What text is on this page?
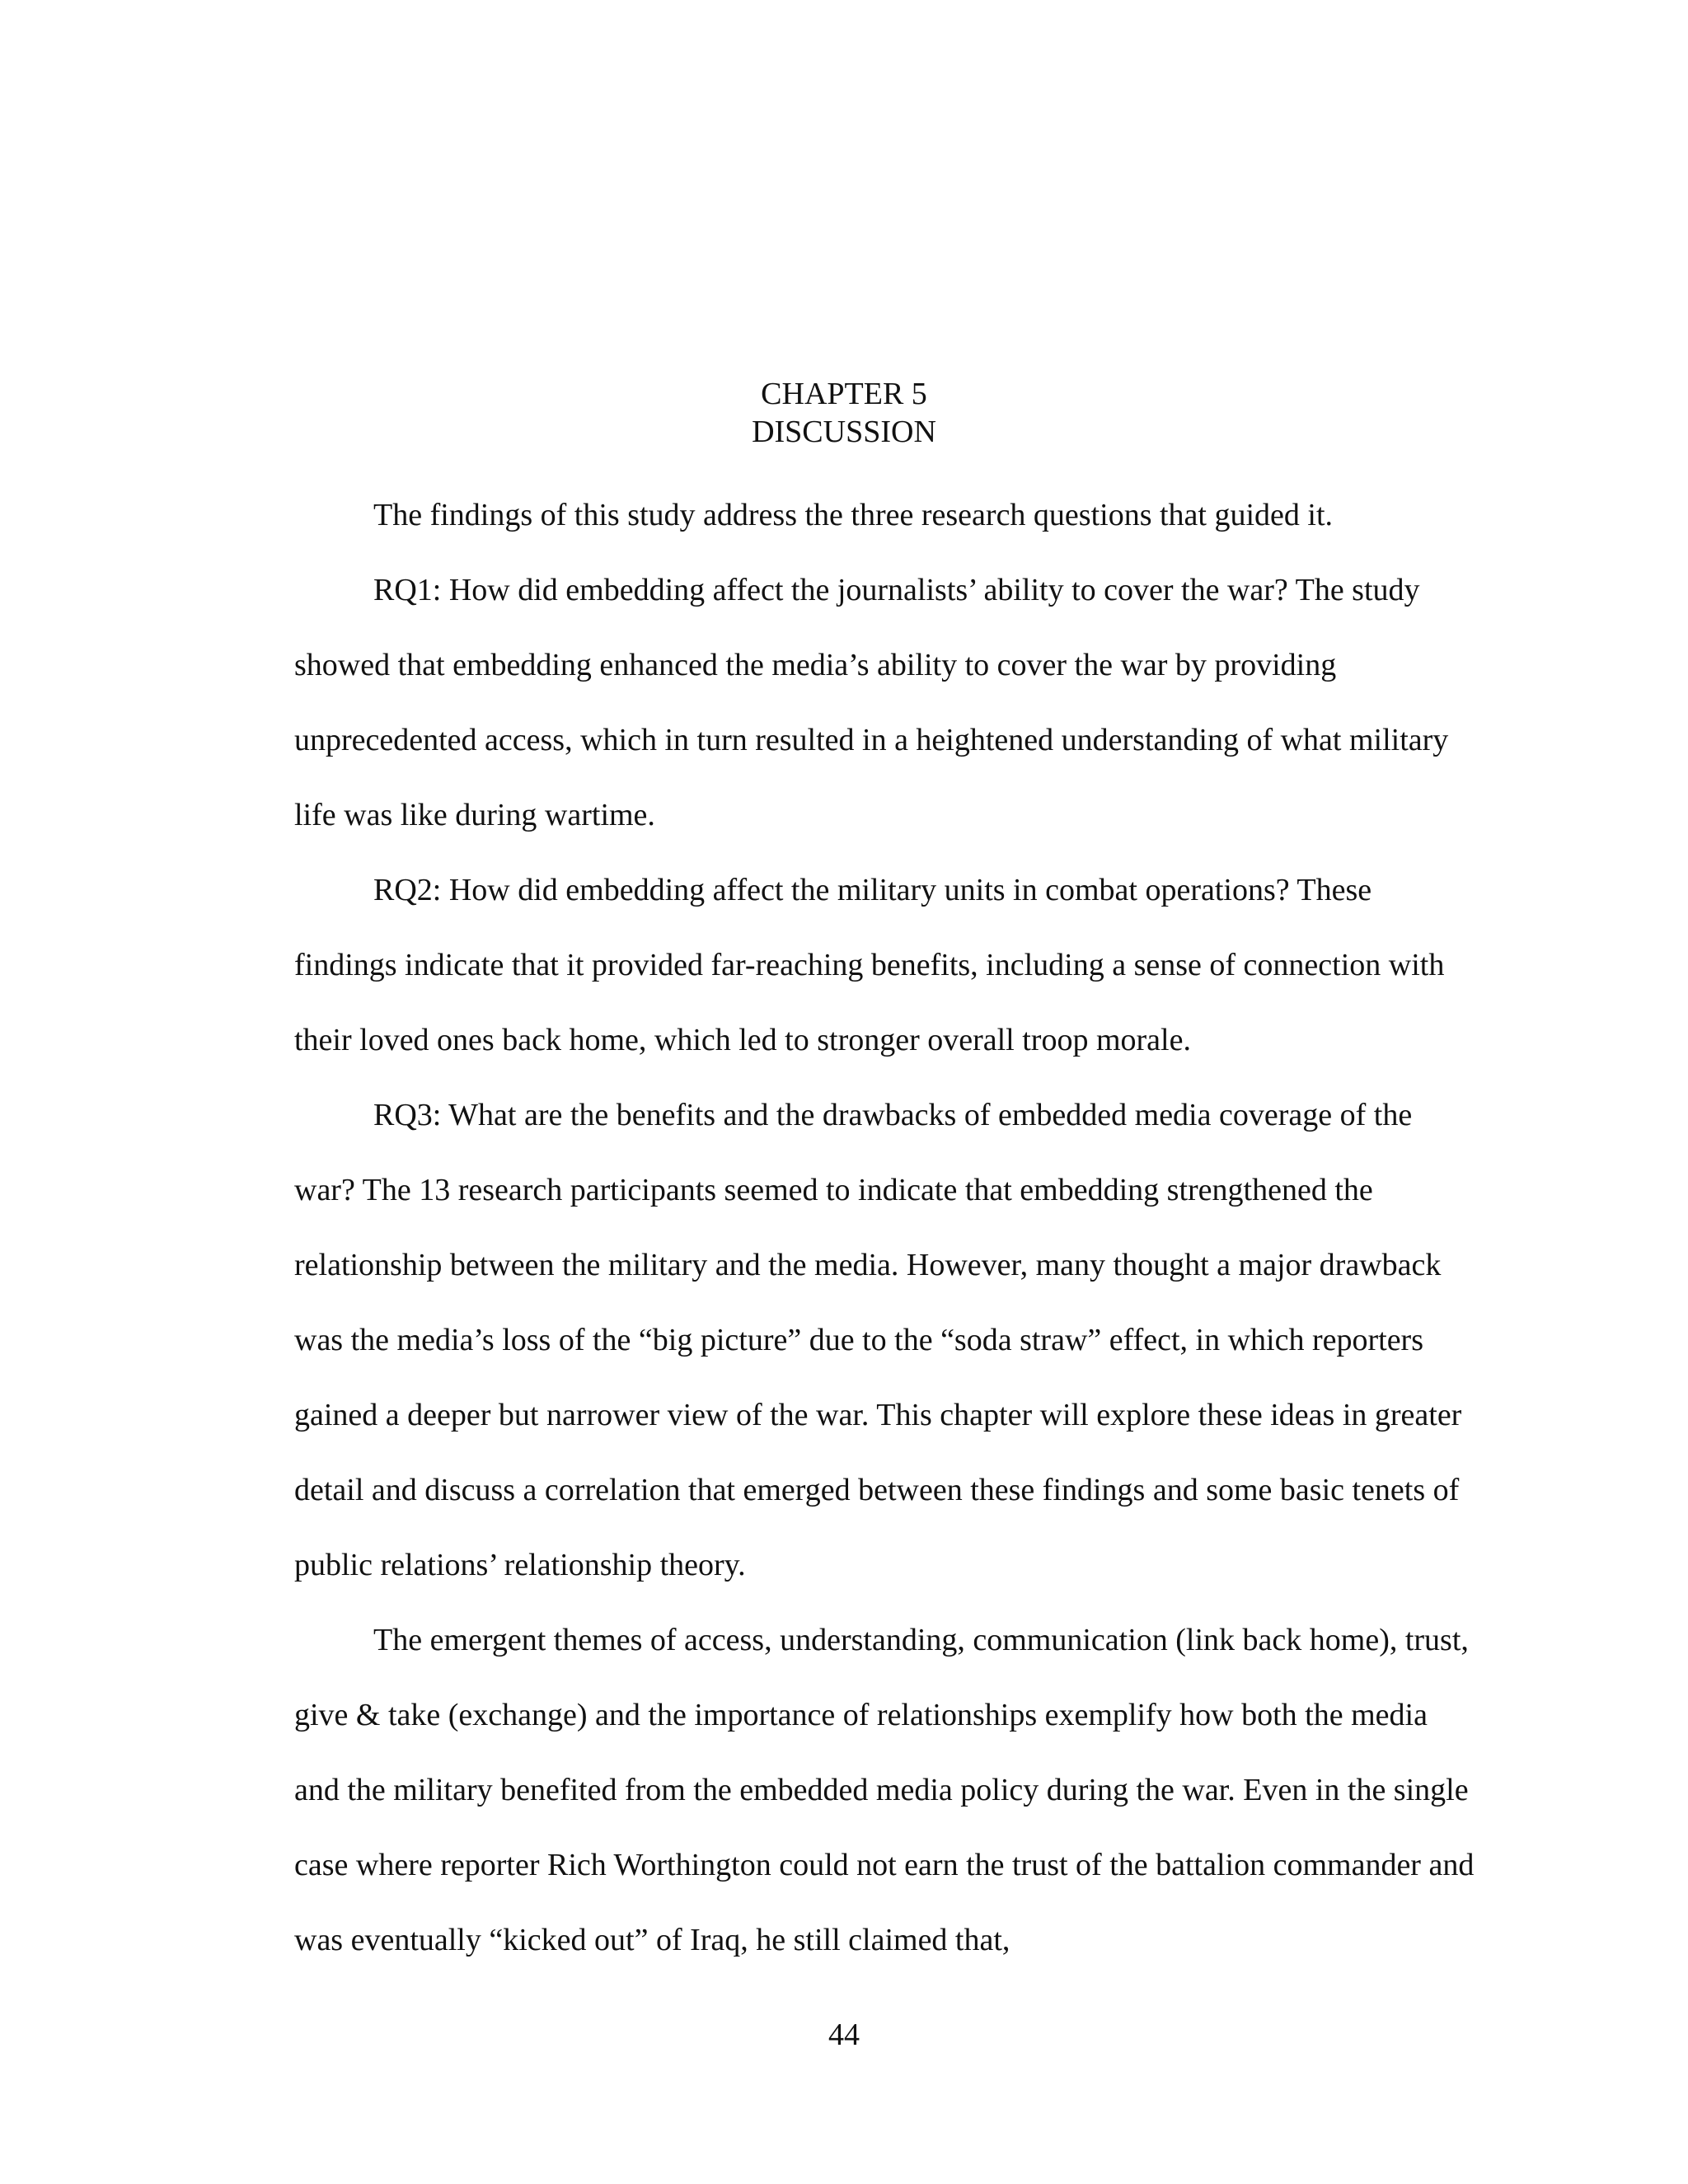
CHAPTER 5
DISCUSSION

The findings of this study address the three research questions that guided it.

RQ1: How did embedding affect the journalists’ ability to cover the war? The study showed that embedding enhanced the media’s ability to cover the war by providing unprecedented access, which in turn resulted in a heightened understanding of what military life was like during wartime.

RQ2: How did embedding affect the military units in combat operations? These findings indicate that it provided far-reaching benefits, including a sense of connection with their loved ones back home, which led to stronger overall troop morale.

RQ3: What are the benefits and the drawbacks of embedded media coverage of the war? The 13 research participants seemed to indicate that embedding strengthened the relationship between the military and the media. However, many thought a major drawback was the media’s loss of the “big picture” due to the “soda straw” effect, in which reporters gained a deeper but narrower view of the war. This chapter will explore these ideas in greater detail and discuss a correlation that emerged between these findings and some basic tenets of public relations’ relationship theory.

The emergent themes of access, understanding, communication (link back home), trust, give & take (exchange) and the importance of relationships exemplify how both the media and the military benefited from the embedded media policy during the war. Even in the single case where reporter Rich Worthington could not earn the trust of the battalion commander and was eventually “kicked out” of Iraq, he still claimed that,

44
